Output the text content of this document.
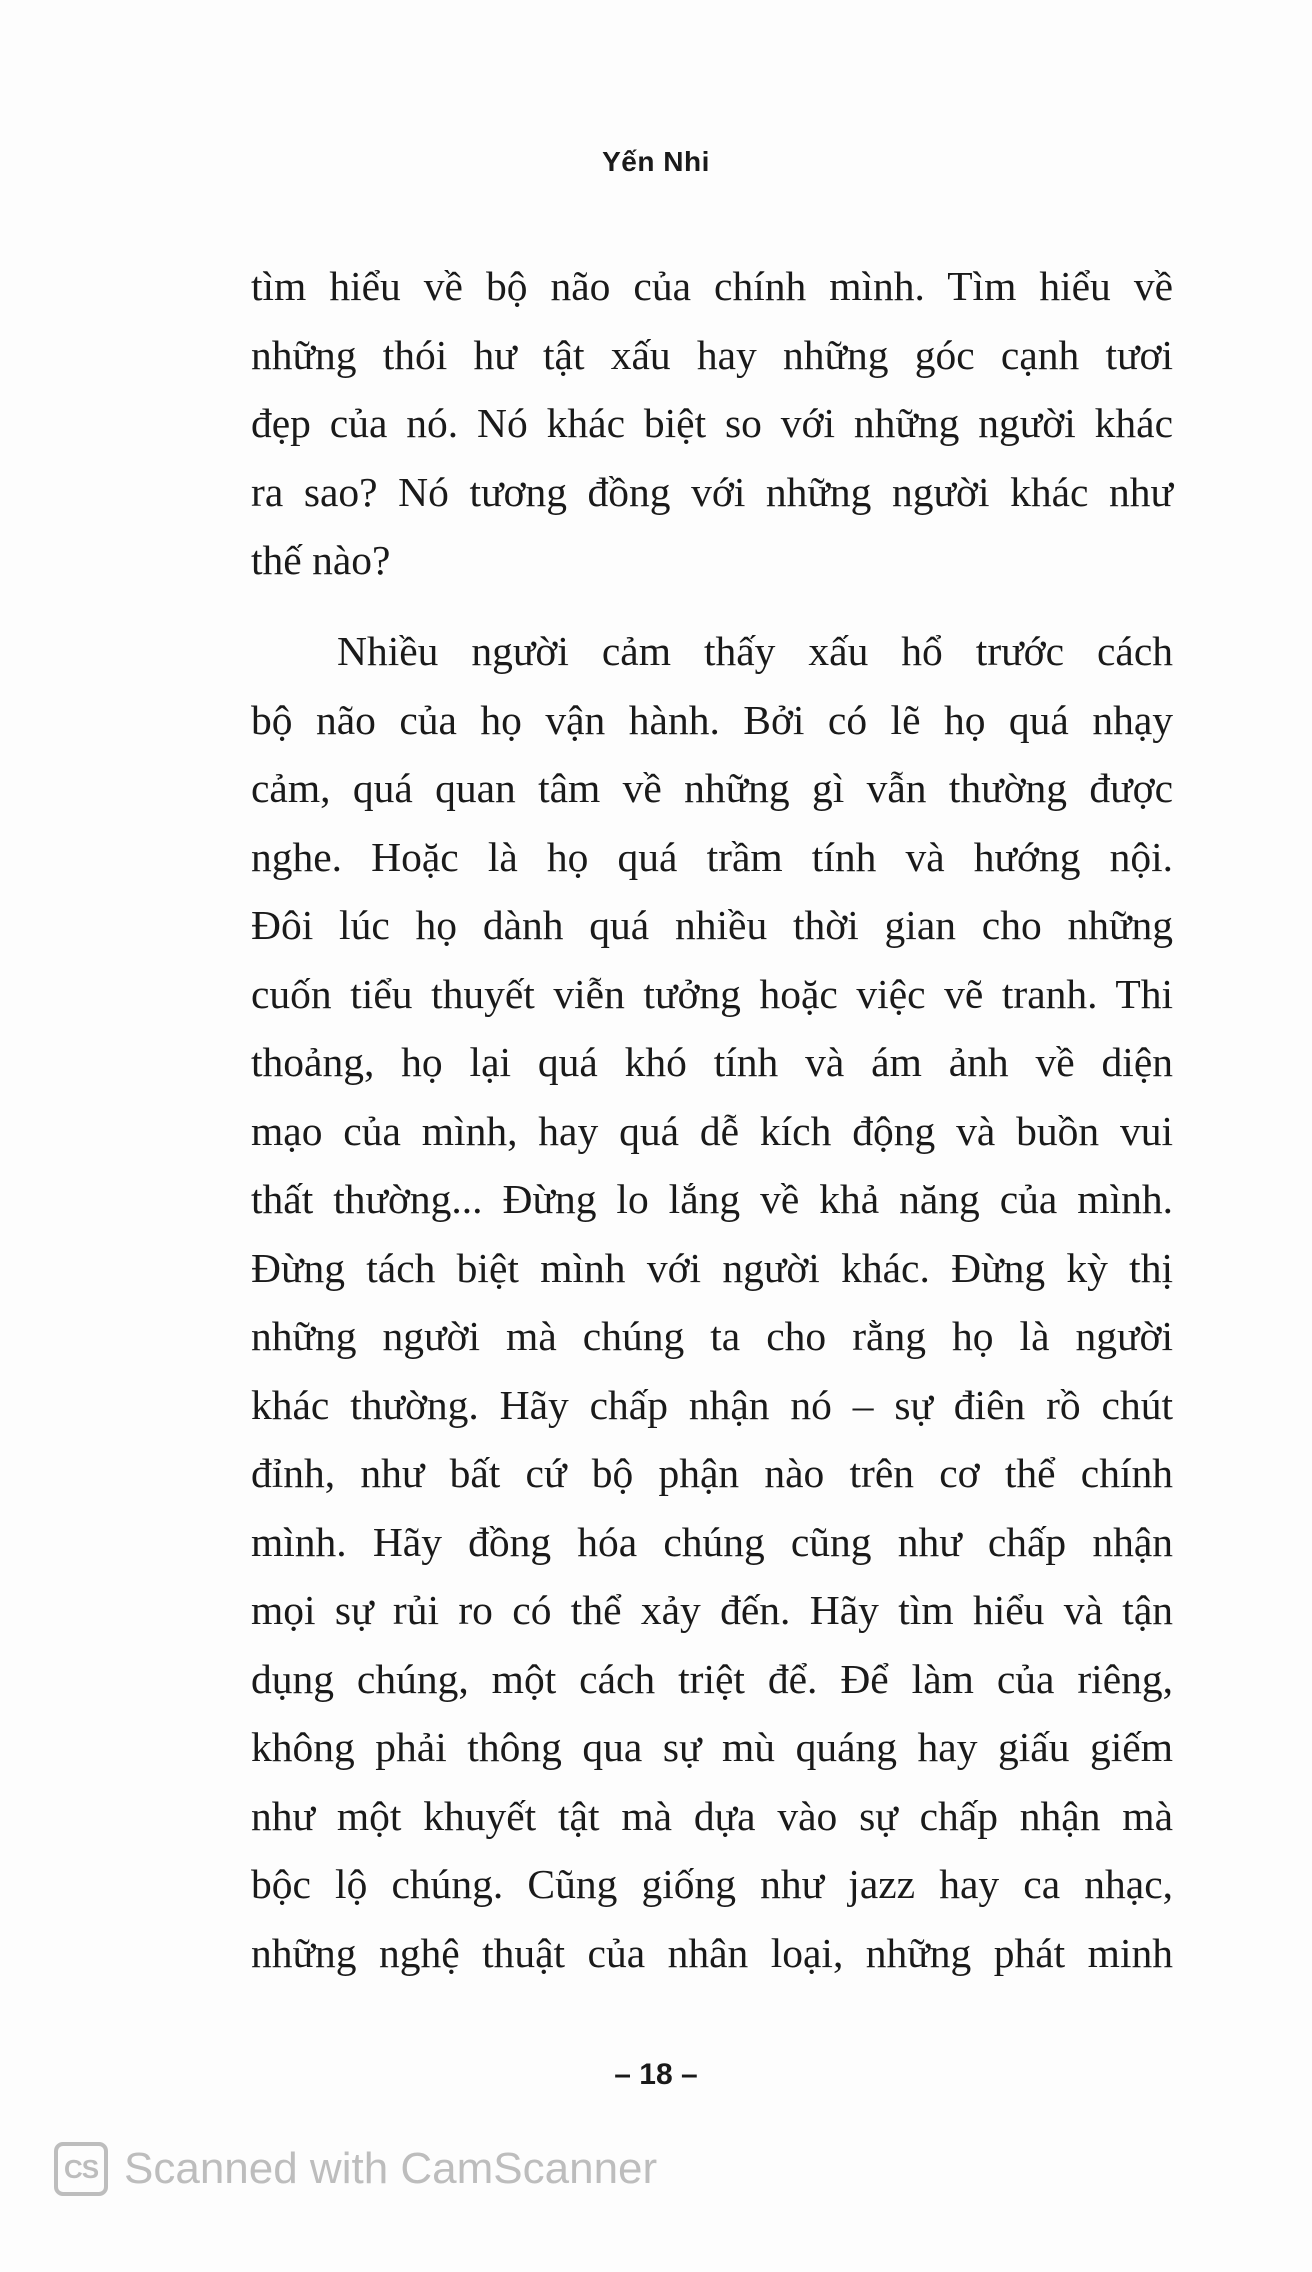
Yến Nhi
tìm hiểu về bộ não của chính mình. Tìm hiểu về
những thói hư tật xấu hay những góc cạnh tươi
đẹp của nó. Nó khác biệt so với những người khác
ra sao? Nó tương đồng với những người khác như
thế nào?
Nhiều người cảm thấy xấu hổ trước cách
bộ não của họ vận hành. Bởi có lẽ họ quá nhạy
cảm, quá quan tâm về những gì vẫn thường được
nghe. Hoặc là họ quá trầm tính và hướng nội.
Đôi lúc họ dành quá nhiều thời gian cho những
cuốn tiểu thuyết viễn tưởng hoặc việc vẽ tranh. Thi
thoảng, họ lại quá khó tính và ám ảnh về diện
mạo của mình, hay quá dễ kích động và buồn vui
thất thường... Đừng lo lắng về khả năng của mình.
Đừng tách biệt mình với người khác. Đừng kỳ thị
những người mà chúng ta cho rằng họ là người
khác thường. Hãy chấp nhận nó – sự điên rồ chút
đỉnh, như bất cứ bộ phận nào trên cơ thể chính
mình. Hãy đồng hóa chúng cũng như chấp nhận
mọi sự rủi ro có thể xảy đến. Hãy tìm hiểu và tận
dụng chúng, một cách triệt để. Để làm của riêng,
không phải thông qua sự mù quáng hay giấu giếm
như một khuyết tật mà dựa vào sự chấp nhận mà
bộc lộ chúng. Cũng giống như jazz hay ca nhạc,
những nghệ thuật của nhân loại, những phát minh
– 18 –
CS Scanned with CamScanner
